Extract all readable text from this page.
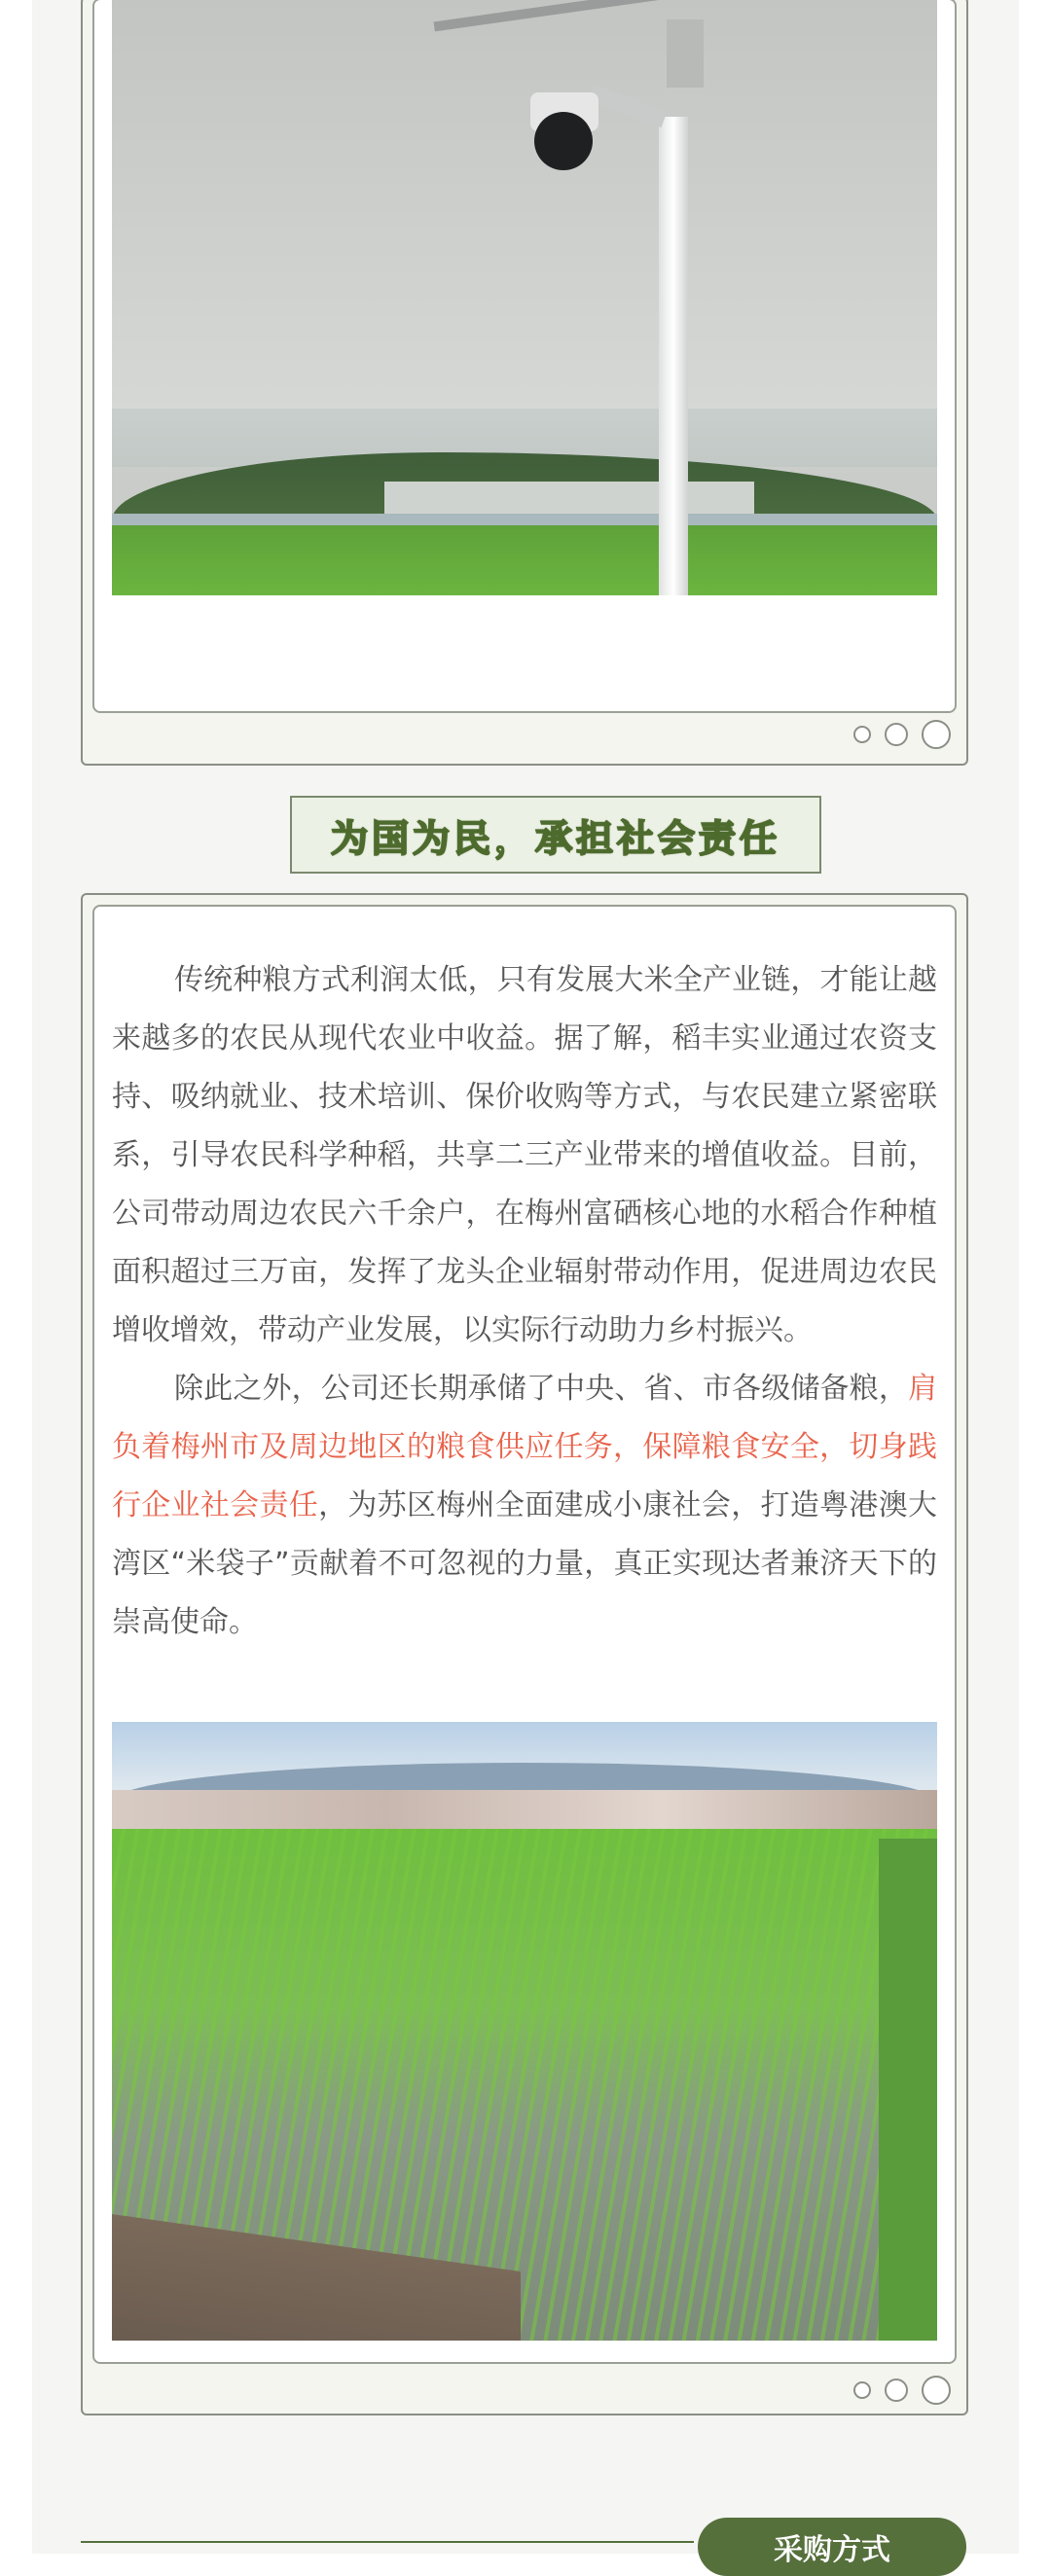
为国为民，承担社会责任

传统种粮方式利润太低，只有发展大米全产业链，才能让越来越多的农民从现代农业中收益。据了解，稻丰实业通过农资支持、吸纳就业、技术培训、保价收购等方式，与农民建立紧密联系，引导农民科学种稻，共享二三产业带来的增值收益。目前，公司带动周边农民六千余户，在梅州富硒核心地的水稻合作种植面积超过三万亩，发挥了龙头企业辐射带动作用，促进周边农民增收增效，带动产业发展，以实际行动助力乡村振兴。

除此之外，公司还长期承储了中央、省、市各级储备粮，肩负着梅州市及周边地区的粮食供应任务，保障粮食安全，切身践行企业社会责任，为苏区梅州全面建成小康社会，打造粤港澳大湾区“米袋子”贡献着不可忽视的力量，真正实现达者兼济天下的崇高使命。

采购方式
